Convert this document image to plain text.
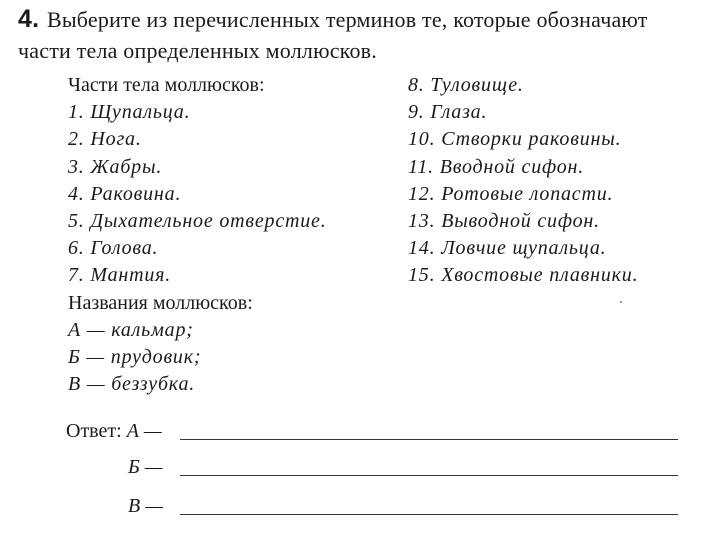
4. Выберите из перечисленных терминов те, которые обозначают
части тела определенных моллюсков.
Части тела моллюсков:
1. Щупальца.
2. Нога.
3. Жабры.
4. Раковина.
5. Дыхательное отверстие.
6. Голова.
7. Мантия.
Названия моллюсков:
А — кальмар;
Б — прудовик;
В — беззубка.
8. Туловище.
9. Глаза.
10. Створки раковины.
11. Вводной сифон.
12. Ротовые лопасти.
13. Выводной сифон.
14. Ловчие щупальца.
15. Хвостовые плавники.
Ответ: А —
Б —
В —
